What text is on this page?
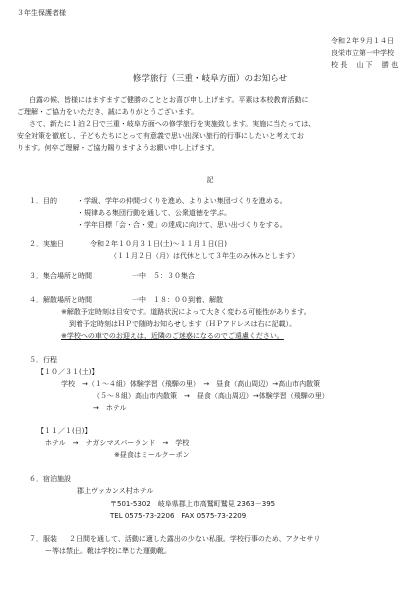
３年生保護者様
令和２年９月１４日
良栄市立第一中学校
校 長　 山 下　 勝 也
修学旅行（三重・岐阜方面）のお知らせ
白露の候、皆様にはますますご健勝のこととお喜び申し上げます。平素は本校教育活動に
ご理解・ご協力をいただき、誠にありがとうございます。
さて、新たに１泊２日で三重・岐阜方面への修学旅行を実施致します。実施に当たっては、
安全対策を徹底し、子どもたちにとって有意義で思い出深い旅行的行事にしたいと考えてお
ります。何卒ご理解・ご協力賜りますようお願い申し上げます。
記
１．目的	・学級、学年の仲間づくりを進め、よりよい集団づくりを進める。
・規律ある集団行動を通して、公衆道徳を学ぶ。
・学年目標「会・合・愛」の達成に向けて、思い出づくりをする。
２．実施日	令和２年１０月３１日(土)～１１月１日(日)
（１１月２日（月）は代休として３年生のみ休みとします）
３．集合場所と時間	一中　５：３０集合
４．解散場所と時間	一中　１８：００到着、解散
※解散予定時刻は目安です。道路状況によって大きく変わる可能性があります。
到着予定時刻はＨＰで随時お知らせします（ＨＰアドレスは右に記載）。
※学校への車でのお迎えは、近隣のご迷惑になるのでご遠慮ください。
５．行程
【１０／３１(土)】
学校　→（１～４組）体験学習（飛騨の里）　→　昼食（高山周辺）→高山市内散策
（５～８組）高山市内散策　→　昼食（高山周辺）→体験学習（飛騨の里）
→　ホテル
【１１／１(日)】
ホテル　→　ナガシマスパーランド　→　学校
※昼食はミールクーポン
６．宿泊施設
郡上ヴァカンス村ホテル
〒501-5302　岐阜県郡上市高鷲町鷲見 2363－395
TEL 0575-73-2206　FAX 0575-73-2209
７．服装 ２日間を通して、活動に適した露出の少ない私服。学校行事のため、アクセサリ
ー等は禁止。靴は学校に準じた運動靴。
